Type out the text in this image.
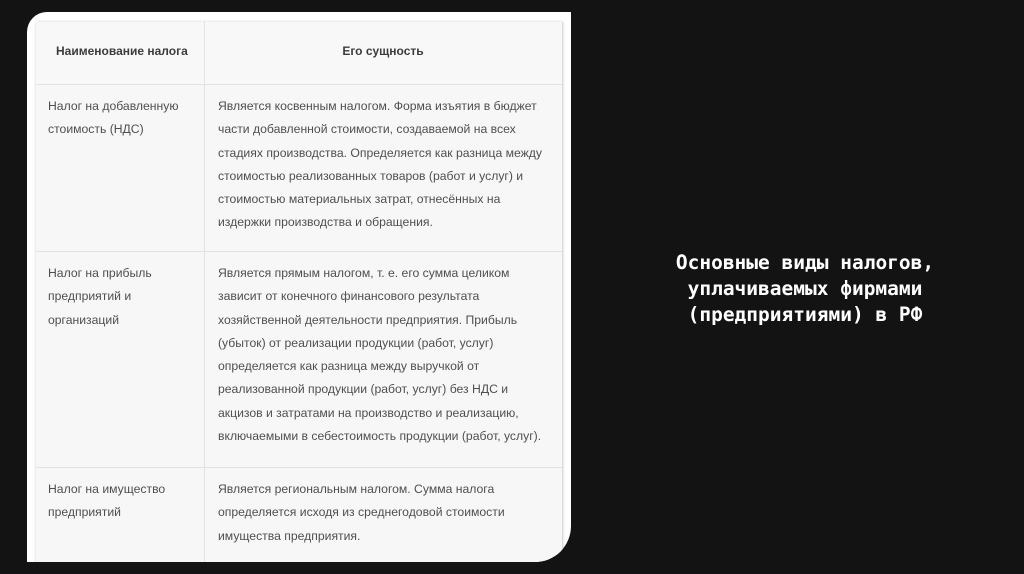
Наименование налога	Его сущность
Налог на добавленную
стоимость (НДС)
Является косвенным налогом. Форма изъятия в бюджет
части добавленной стоимости, создаваемой на всех
стадиях производства. Определяется как разница между
стоимостью реализованных товаров (работ и услуг) и
стоимостью материальных затрат, отнесённых на
издержки производства и обращения.
Налог на прибыль
предприятий и
организаций
Является прямым налогом, т. е. его сумма целиком
зависит от конечного финансового результата
хозяйственной деятельности предприятия. Прибыль
(убыток) от реализации продукции (работ, услуг)
определяется как разница между выручкой от
реализованной продукции (работ, услуг) без НДС и
акцизов и затратами на производство и реализацию,
включаемыми в себестоимость продукции (работ, услуг).
Налог на имущество
предприятий
Является региональным налогом. Сумма налога
определяется исходя из среднегодовой стоимости
имущества предприятия.
Основные виды налогов,
уплачиваемых фирмами
(предприятиями) в РФ
